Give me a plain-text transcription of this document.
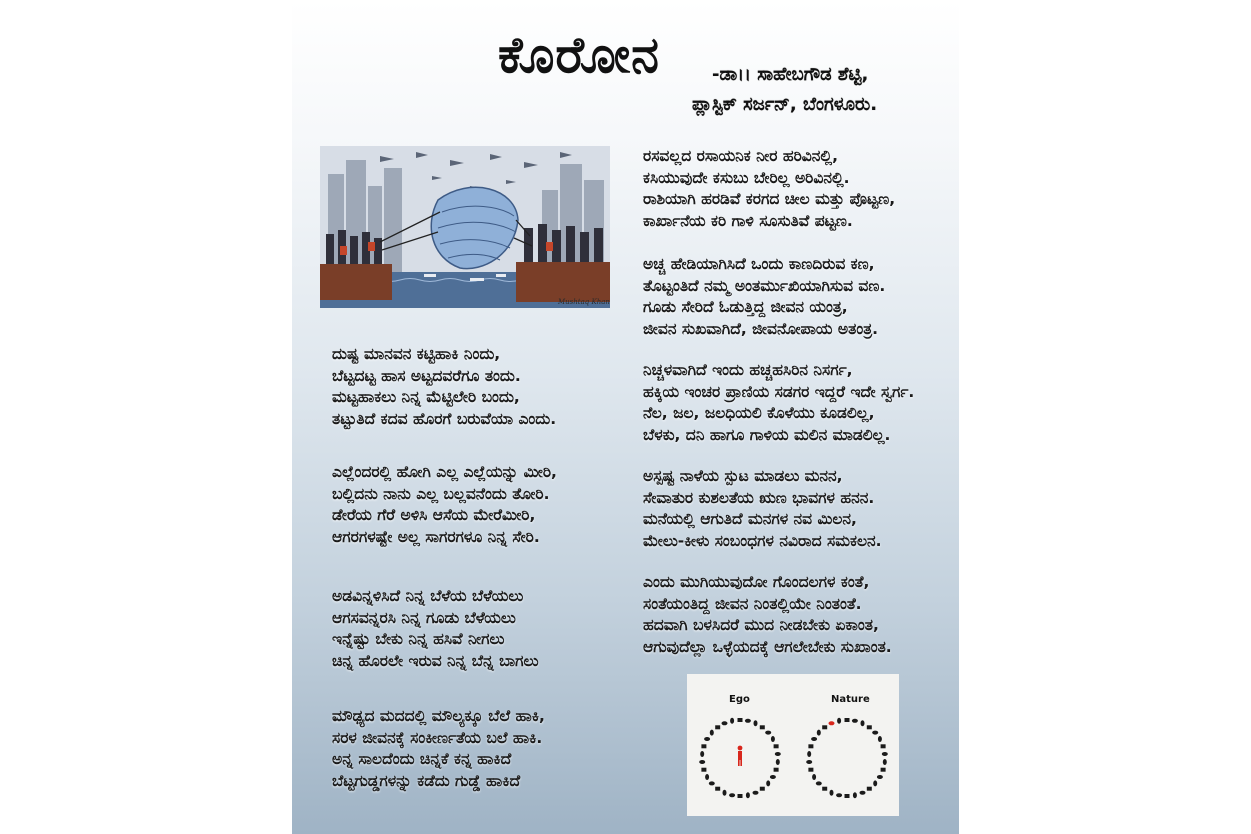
ಕೊರೋನ	-ಡಾ।। ಸಾಹೇಬಗೌಡ ಶೆಟ್ಟಿ,
ಪ್ಲಾಸ್ಟಿಕ್ ಸರ್ಜನ್, ಬೆಂಗಳೂರು.
Mushtaq Khan

ರಸವಲ್ಲದ ರಸಾಯನಿಕ ನೀರ ಹರಿವಿನಲ್ಲಿ,
ಕಸಿಯುವುದೇ ಕಸುಬು ಬೇರಿಲ್ಲ ಅರಿವಿನಲ್ಲಿ.
ರಾಶಿಯಾಗಿ ಹರಡಿವೆ ಕರಗದ ಚೀಲ ಮತ್ತು ಪೊಟ್ಟಣ,
ಕಾರ್ಖಾನೆಯ ಕರಿ ಗಾಳಿ ಸೂಸುತಿವೆ ಪಟ್ಟಣ.

ಅಚ್ಚ ಹೇಡಿಯಾಗಿಸಿದೆ ಒಂದು ಕಾಣದಿರುವ ಕಣ,
ತೊಟ್ಟಂತಿದೆ ನಮ್ಮ ಅಂತರ್ಮುಖಿಯಾಗಿಸುವ ವಣ.
ಗೂಡು ಸೇರಿದೆ ಓಡುತ್ತಿದ್ದ ಜೀವನ ಯಂತ್ರ,
ಜೀವನ ಸುಖವಾಗಿದೆ, ಜೀವನೋಪಾಯ ಅತಂತ್ರ.

ನಿಚ್ಚಳವಾಗಿದೆ ಇಂದು ಹಚ್ಚಹಸಿರಿನ ನಿಸರ್ಗ,
ಹಕ್ಕಿಯ ಇಂಚರ ಪ್ರಾಣಿಯ ಸಡಗರ ಇದ್ದರೆ ಇದೇ ಸ್ವರ್ಗ.
ನೆಲ, ಜಲ, ಜಲಧಿಯಲಿ ಕೊಳೆಯು ಕೂಡಲಿಲ್ಲ,
ಬೆಳಕು, ದನಿ ಹಾಗೂ ಗಾಳಿಯ ಮಲಿನ ಮಾಡಲಿಲ್ಲ.

ಅಸ್ಪಷ್ಟ ನಾಳೆಯ ಸ್ಪುಟ ಮಾಡಲು ಮನನ,
ಸೇವಾತುರ ಕುಶಲತೆಯ ಋಣ ಭಾವಗಳ ಹನನ.
ಮನೆಯಲ್ಲಿ ಆಗುತಿದೆ ಮನಗಳ ನವ ಮಿಲನ,
ಮೇಲು-ಕೀಳು ಸಂಬಂಧಗಳ ನವಿರಾದ ಸಮಕಲನ.

ಎಂದು ಮುಗಿಯುವುದೋ ಗೊಂದಲಗಳ ಕಂತೆ,
ಸಂತೆಯಂತಿದ್ದ ಜೀವನ ನಿಂತಲ್ಲಿಯೇ ನಿಂತಂತೆ.
ಹದವಾಗಿ ಬಳಸಿದರೆ ಮುದ ನೀಡಬೇಕು ಏಕಾಂತ,
ಆಗುವುದೆಲ್ಲಾ ಒಳ್ಳೆಯದಕ್ಕೆ ಆಗಲೇಬೇಕು ಸುಖಾಂತ.

ದುಷ್ಟ ಮಾನವನ ಕಟ್ಟಿಹಾಕಿ ನಿಂದು,
ಬೆಟ್ಟದಟ್ಟ ಹಾಸ ಅಟ್ಟದವರೆಗೂ ತಂದು.
ಮಟ್ಟಹಾಕಲು ನಿನ್ನ ಮೆಟ್ಟಿಲೇರಿ ಬಂದು,
ತಟ್ಟುತಿದೆ ಕದವ ಹೊರಗೆ ಬರುವೆಯಾ ಎಂದು.

ಎಲ್ಲೆಂದರಲ್ಲಿ ಹೋಗಿ ಎಲ್ಲ ಎಲ್ಲೆಯನ್ನು ಮೀರಿ,
ಬಲ್ಲಿದನು ನಾನು ಎಲ್ಲ ಬಲ್ಲವನೆಂದು ತೋರಿ.
ಡೇರೆಯ ಗೆರೆ ಅಳಿಸಿ ಆಸೆಯ ಮೇರೆಮೀರಿ,
ಆಗರಗಳಷ್ಟೇ ಅಲ್ಲ ಸಾಗರಗಳೂ ನಿನ್ನ ಸೇರಿ.

ಅಡವಿನ್ನಳಿಸಿದೆ ನಿನ್ನ ಬೆಳೆಯ ಬೆಳೆಯಲು
ಆಗಸವನ್ನರಸಿ ನಿನ್ನ ಗೂಡು ಬೆಳೆಯಲು
ಇನ್ನೆಷ್ಟು ಬೇಕು ನಿನ್ನ ಹಸಿವೆ ನೀಗಲು
ಚಿನ್ನ ಹೊರಲೇ ಇರುವ ನಿನ್ನ ಬೆನ್ನ ಬಾಗಲು

ಮೌಢ್ಯದ ಮದದಲ್ಲಿ ಮೌಲ್ಯಕ್ಕೂ ಬೆಲೆ ಹಾಕಿ,
ಸರಳ ಜೀವನಕ್ಕೆ ಸಂಕೀರ್ಣತೆಯ ಬಲೆ ಹಾಕಿ.
ಅನ್ನ ಸಾಲದೆಂದು ಚಿನ್ನಕೆ ಕನ್ನ ಹಾಕಿದೆ
ಬೆಟ್ಟಗುಡ್ಡಗಳನ್ನು ಕಡೆದು ಗುಡ್ಡೆ ಹಾಕಿದೆ

Ego	Nature
